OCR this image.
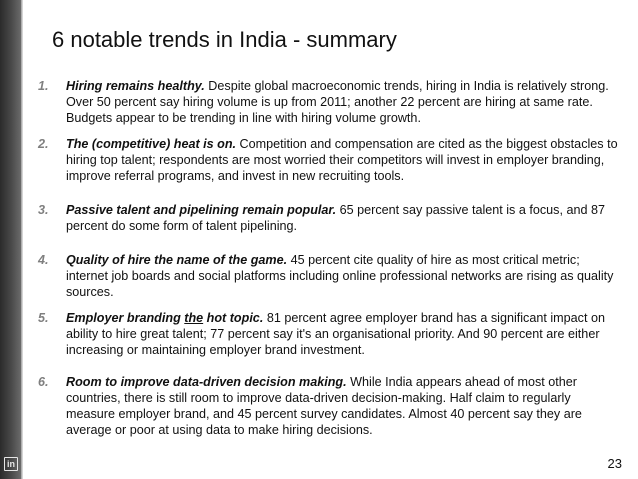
in
6 notable trends in India - summary
1. Hiring remains healthy. Despite global macroeconomic trends, hiring in India is relatively strong. Over 50 percent say hiring volume is up from 2011; another 22 percent are hiring at same rate. Budgets appear to be trending in line with hiring volume growth.
2. The (competitive) heat is on. Competition and compensation are cited as the biggest obstacles to hiring top talent; respondents are most worried their competitors will invest in employer branding, improve referral programs, and invest in new recruiting tools.
3. Passive talent and pipelining remain popular. 65 percent say passive talent is a focus, and 87 percent do some form of talent pipelining.
4. Quality of hire the name of the game. 45 percent cite quality of hire as most critical metric; internet job boards and social platforms including online professional networks are rising as quality sources.
5. Employer branding the hot topic. 81 percent agree employer brand has a significant impact on ability to hire great talent; 77 percent say it's an organisational priority. And 90 percent are either increasing or maintaining employer brand investment.
6. Room to improve data-driven decision making. While India appears ahead of most other countries, there is still room to improve data-driven decision-making. Half claim to regularly measure employer brand, and 45 percent survey candidates. Almost 40 percent say they are average or poor at using data to make hiring decisions.
23
